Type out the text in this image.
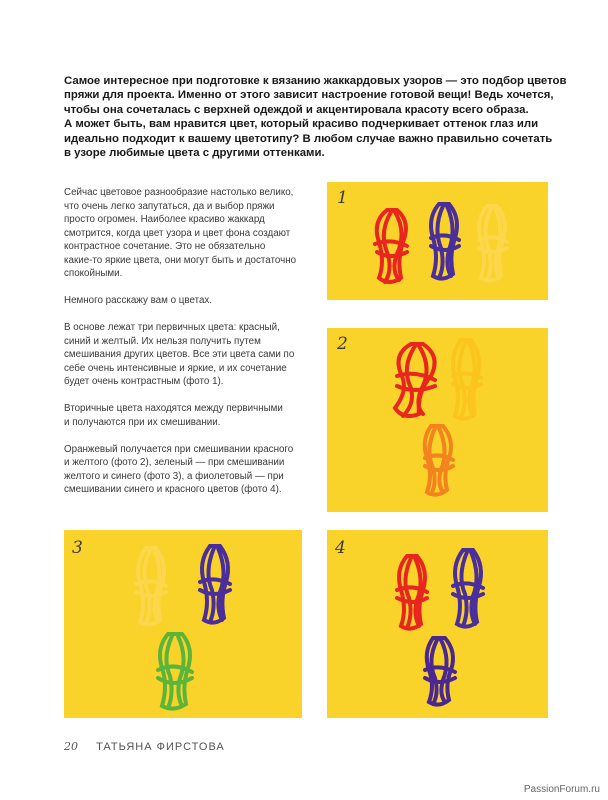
Самое интересное при подготовке к вязанию жаккардовых узоров — это подбор цветов

пряжи для проекта. Именно от этого зависит настроение готовой вещи! Ведь хочется,

чтобы она сочеталась с верхней одеждой и акцентировала красоту всего образа.

А может быть, вам нравится цвет, который красиво подчеркивает оттенок глаз или

идеально подходит к вашему цветотипу? В любом случае важно правильно сочетать

в узоре любимые цвета с другими оттенками.

Сейчас цветовое разнообразие настолько велико,
что очень легко запутаться, да и выбор пряжи
просто огромен. Наиболее красиво жаккард
смотрится, когда цвет узора и цвет фона создают
контрастное сочетание. Это не обязательно
какие-то яркие цвета, они могут быть и достаточно
спокойными.
Немного расскажу вам о цветах.
В основе лежат три первичных цвета: красный,
синий и желтый. Их нельзя получить путем
смешивания других цветов. Все эти цвета сами по
себе очень интенсивные и яркие, и их сочетание
будет очень контрастным (фото 1).
Вторичные цвета находятся между первичными
и получаются при их смешивании.
Оранжевый получается при смешивании красного
и желтого (фото 2), зеленый — при смешивании
желтого и синего (фото 3), а фиолетовый — при
смешивании синего и красного цветов (фото 4).
1
2
3	4
20 ТАТЬЯНА ФИРСТОВА
PassionForum.ru
